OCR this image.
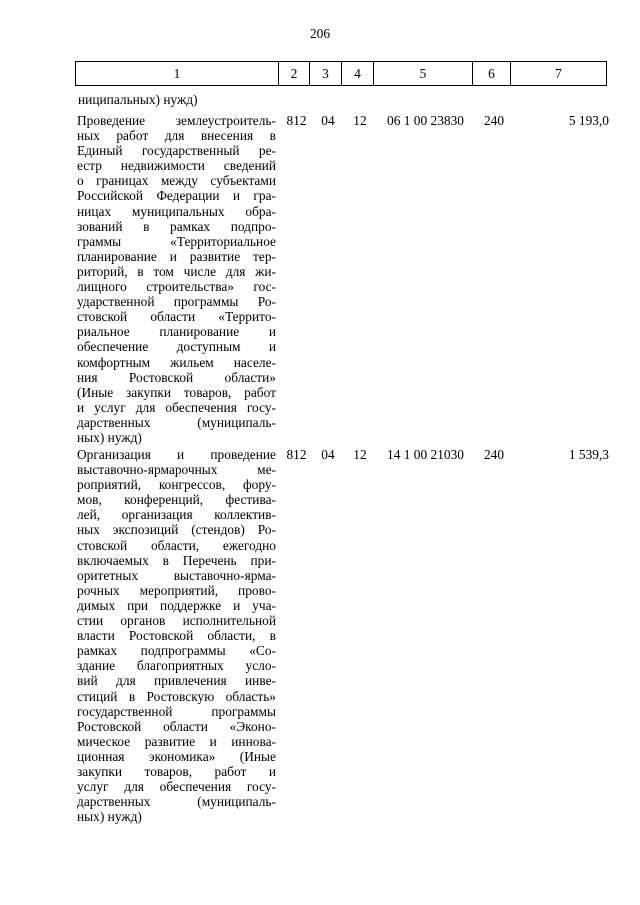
206
1	2	3	4	5	6	7
ниципальных) нужд)
Проведение землеустроитель-
ных работ для внесения в
Единый государственный ре-
естр недвижимости сведений
о границах между субъектами
Российской Федерации и гра-
ницах муниципальных обра-
зований в рамках подпро-
граммы «Территориальное
планирование и развитие тер-
риторий, в том числе для жи-
лищного строительства» гос-
ударственной программы Ро-
стовской области «Террито-
риальное планирование и
обеспечение доступным и
комфортным жильем населе-
ния Ростовской области»
(Иные закупки товаров, работ
и услуг для обеспечения госу-
дарственных (муниципаль-
ных) нужд)
812	04	12	06 1 00 23830	240	5 193,0
Организация и проведение
выставочно-ярмарочных ме-
роприятий, конгрессов, фору-
мов, конференций, фестива-
лей, организация коллектив-
ных экспозиций (стендов) Ро-
стовской области, ежегодно
включаемых в Перечень при-
оритетных выставочно-ярма-
рочных мероприятий, прово-
димых при поддержке и уча-
стии органов исполнительной
власти Ростовской области, в
рамках подпрограммы «Со-
здание благоприятных усло-
вий для привлечения инве-
стиций в Ростовскую область»
государственной программы
Ростовской области «Эконо-
мическое развитие и иннова-
ционная экономика» (Иные
закупки товаров, работ и
услуг для обеспечения госу-
дарственных (муниципаль-
ных) нужд)
812	04	12	14 1 00 21030	240	1 539,3
